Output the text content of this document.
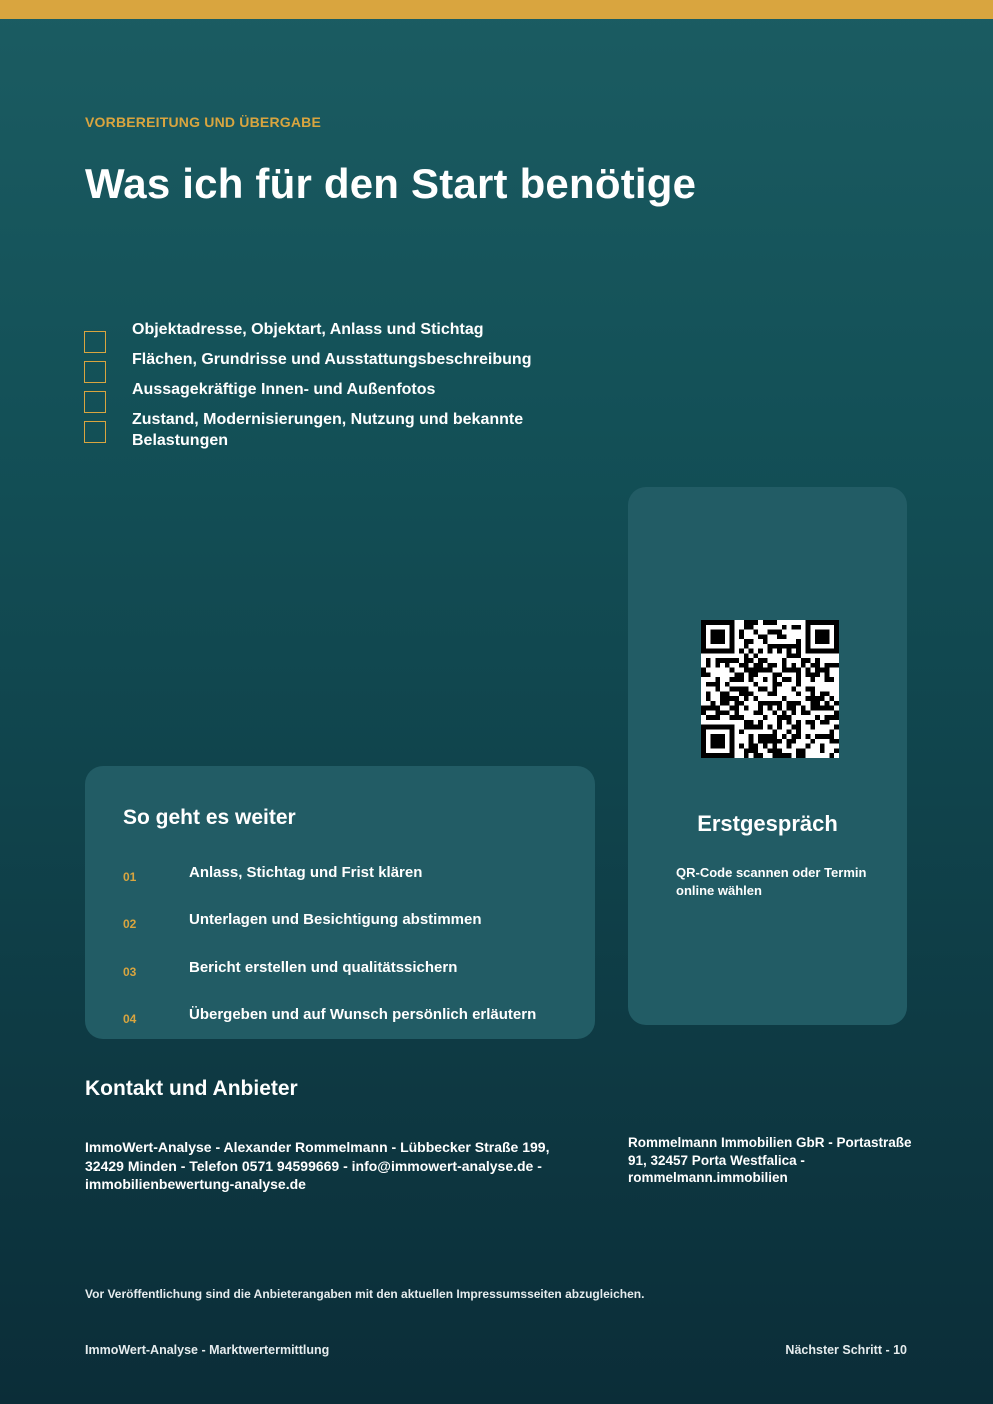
VORBEREITUNG UND ÜBERGABE
Was ich für den Start benötige
Objektadresse, Objektart, Anlass und Stichtag
Flächen, Grundrisse und Ausstattungsbeschreibung
Aussagekräftige Innen- und Außenfotos
Zustand, Modernisierungen, Nutzung und bekannte Belastungen
So geht es weiter
01	Anlass, Stichtag und Frist klären
02	Unterlagen und Besichtigung abstimmen
03	Bericht erstellen und qualitätssichern
04	Übergeben und auf Wunsch persönlich erläutern
Erstgespräch
QR-Code scannen oder Termin online wählen
Kontakt und Anbieter
ImmoWert-Analyse - Alexander Rommelmann - Lübbecker Straße 199, 32429 Minden - Telefon 0571 94599669 - info@immowert-analyse.de - immobilienbewertung-analyse.de
Rommelmann Immobilien GbR - Portastraße 91, 32457 Porta Westfalica - rommelmann.immobilien
Vor Veröffentlichung sind die Anbieterangaben mit den aktuellen Impressumsseiten abzugleichen.
ImmoWert-Analyse - Marktwertermittlung	Nächster Schritt - 10
